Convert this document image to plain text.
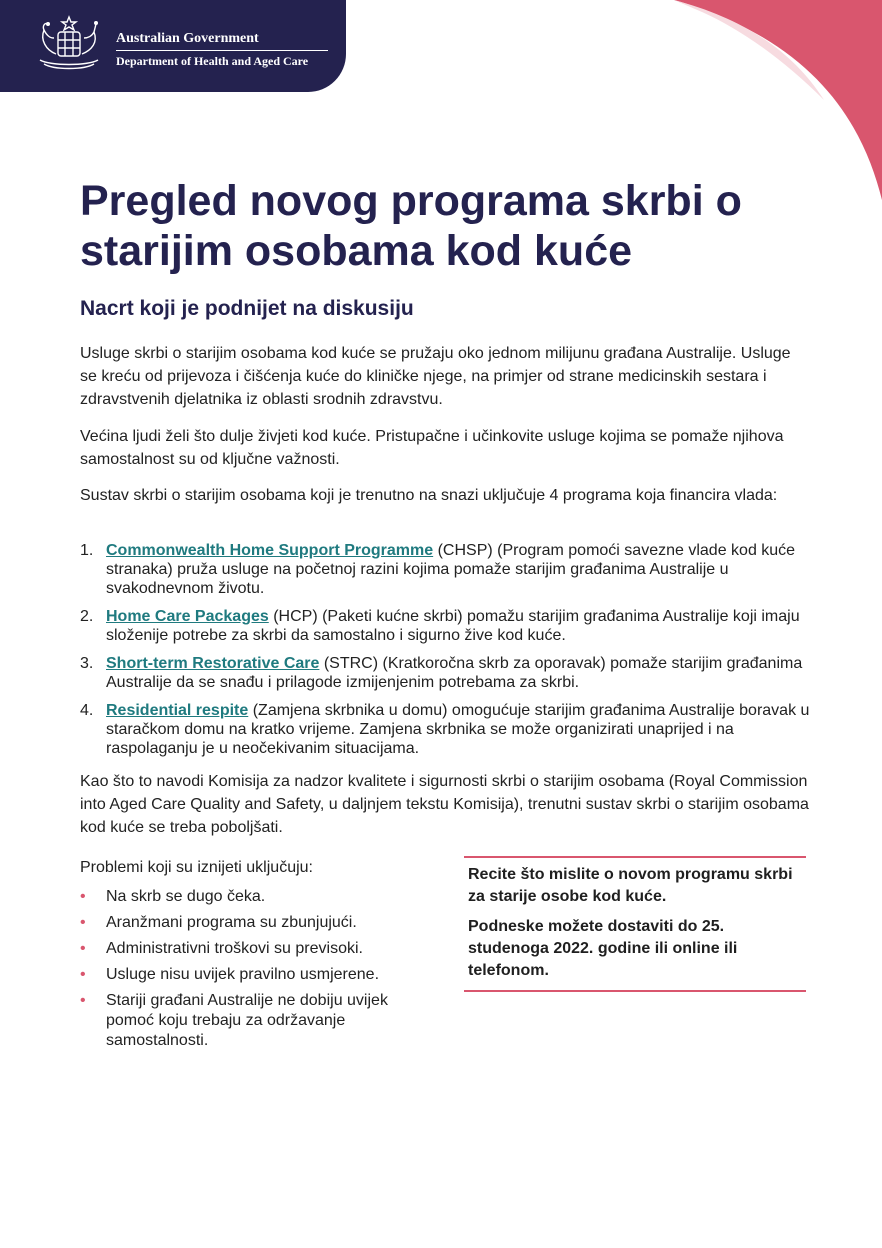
Australian Government
Department of Health and Aged Care
Pregled novog programa skrbi o starijim osobama kod kuće
Nacrt koji je podnijet na diskusiju

Usluge skrbi o starijim osobama kod kuće se pružaju oko jednom milijunu građana Australije. Usluge se kreću od prijevoza i čišćenja kuće do kliničke njege, na primjer od strane medicinskih sestara i zdravstvenih djelatnika iz oblasti srodnih zdravstvu.

Većina ljudi želi što dulje živjeti kod kuće. Pristupačne i učinkovite usluge kojima se pomaže njihova samostalnost su od ključne važnosti.

Sustav skrbi o starijim osobama koji je trenutno na snazi uključuje 4 programa koja financira vlada:

1. Commonwealth Home Support Programme (CHSP) (Program pomoći savezne vlade kod kuće stranaka) pruža usluge na početnoj razini kojima pomaže starijim građanima Australije u svakodnevnom životu.
2. Home Care Packages (HCP) (Paketi kućne skrbi) pomažu starijim građanima Australije koji imaju složenije potrebe za skrbi da samostalno i sigurno žive kod kuće.
3. Short-term Restorative Care (STRC) (Kratkoročna skrb za oporavak) pomaže starijim građanima Australije da se snađu i prilagode izmijenjenim potrebama za skrbi.
4. Residential respite (Zamjena skrbnika u domu) omogućuje starijim građanima Australije boravak u staračkom domu na kratko vrijeme. Zamjena skrbnika se može organizirati unaprijed i na raspolaganju je u neočekivanim situacijama.

Kao što to navodi Komisija za nadzor kvalitete i sigurnosti skrbi o starijim osobama (Royal Commission into Aged Care Quality and Safety, u daljnjem tekstu Komisija), trenutni sustav skrbi o starijim osobama kod kuće se treba poboljšati.

Problemi koji su iznijeti uključuju:

• Na skrb se dugo čeka.
• Aranžmani programa su zbunjujući.
• Administrativni troškovi su previsoki.
• Usluge nisu uvijek pravilno usmjerene.
• Stariji građani Australije ne dobiju uvijek pomoć koju trebaju za održavanje samostalnosti.

Recite što mislite o novom programu skrbi za starije osobe kod kuće.

Podneske možete dostaviti do 25. studenoga 2022. godine ili online ili telefonom.
